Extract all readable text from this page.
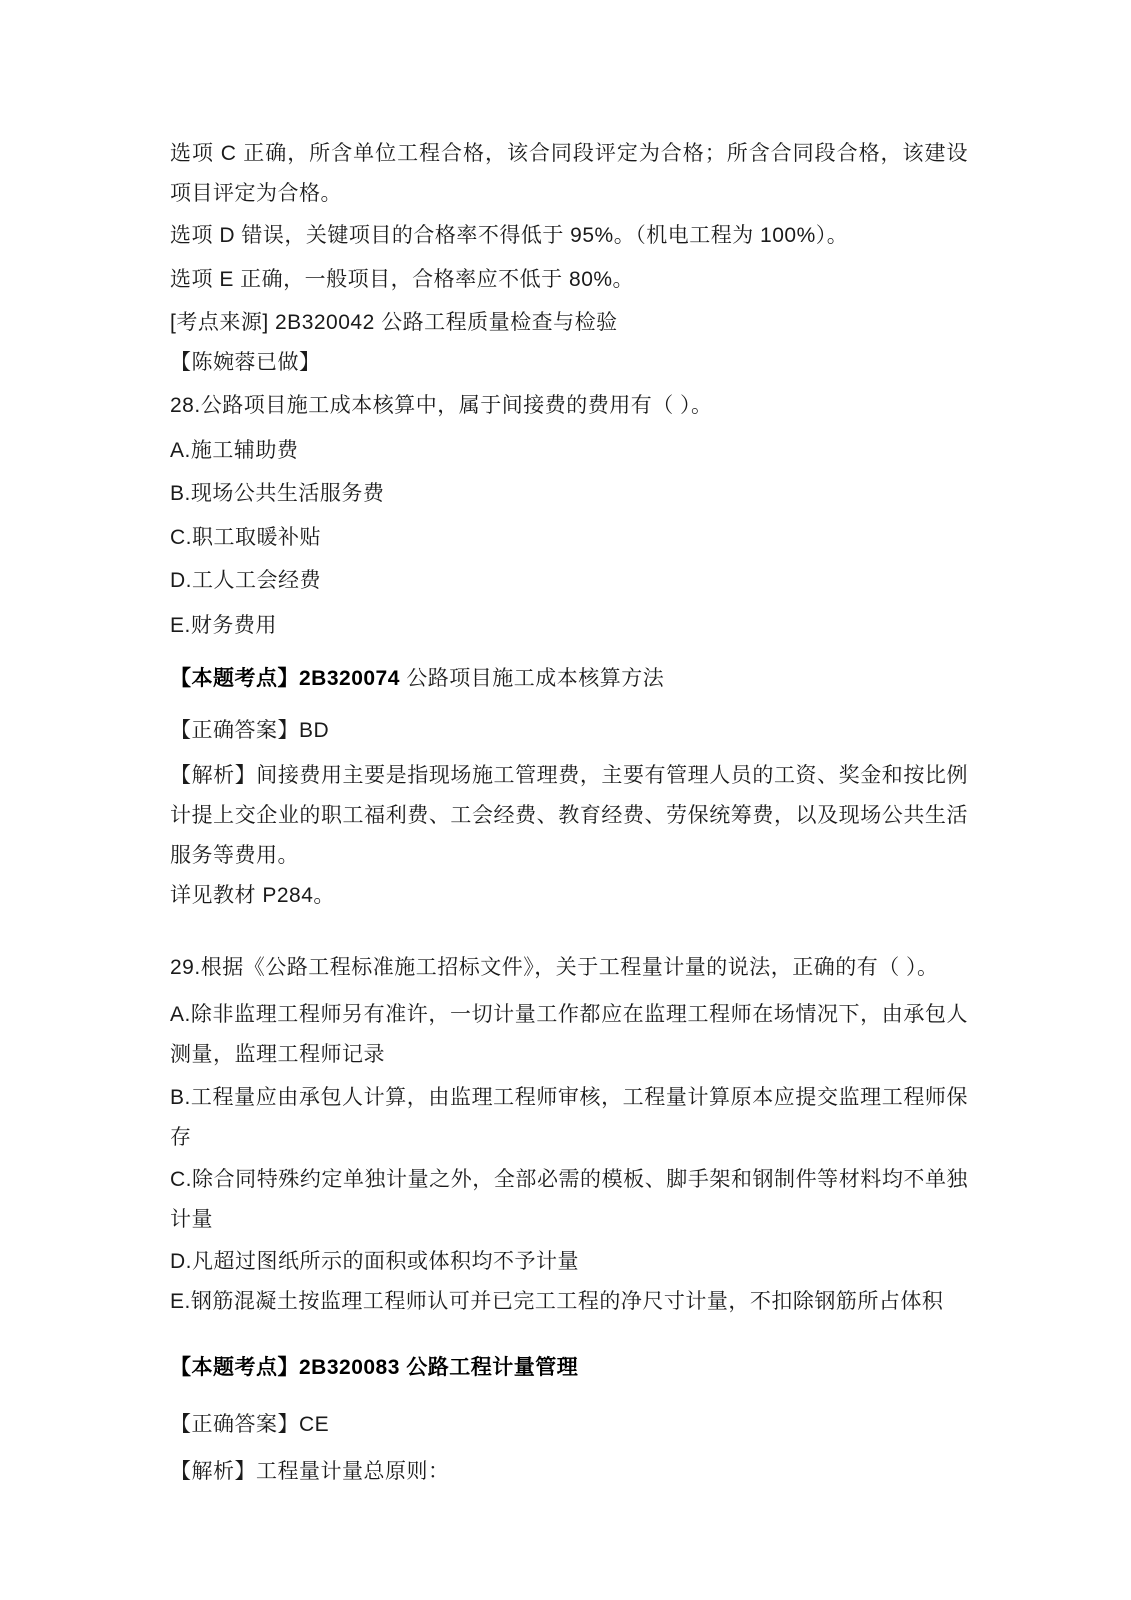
选项 C 正确，所含单位工程合格，该合同段评定为合格；所含合同段合格，该建设项目评定为合格。

选项 D 错误，关键项目的合格率不得低于 95%。（机电工程为 100%）。

选项 E 正确，一般项目，合格率应不低于 80%。

[考点来源] 2B320042 公路工程质量检查与检验

【陈婉蓉已做】

28.公路项目施工成本核算中，属于间接费的费用有（ ）。

A.施工辅助费

B.现场公共生活服务费

C.职工取暖补贴

D.工人工会经费

E.财务费用

【本题考点】2B320074 公路项目施工成本核算方法

【正确答案】BD

【解析】间接费用主要是指现场施工管理费，主要有管理人员的工资、奖金和按比例计提上交企业的职工福利费、工会经费、教育经费、劳保统筹费，以及现场公共生活服务等费用。

详见教材 P284。

29.根据《公路工程标准施工招标文件》，关于工程量计量的说法，正确的有（ ）。

A.除非监理工程师另有准许，一切计量工作都应在监理工程师在场情况下，由承包人测量，监理工程师记录

B.工程量应由承包人计算，由监理工程师审核，工程量计算原本应提交监理工程师保存

C.除合同特殊约定单独计量之外，全部必需的模板、脚手架和钢制件等材料均不单独计量

D.凡超过图纸所示的面积或体积均不予计量

E.钢筋混凝土按监理工程师认可并已完工工程的净尺寸计量，不扣除钢筋所占体积

【本题考点】2B320083 公路工程计量管理

【正确答案】CE

【解析】工程量计量总原则：
